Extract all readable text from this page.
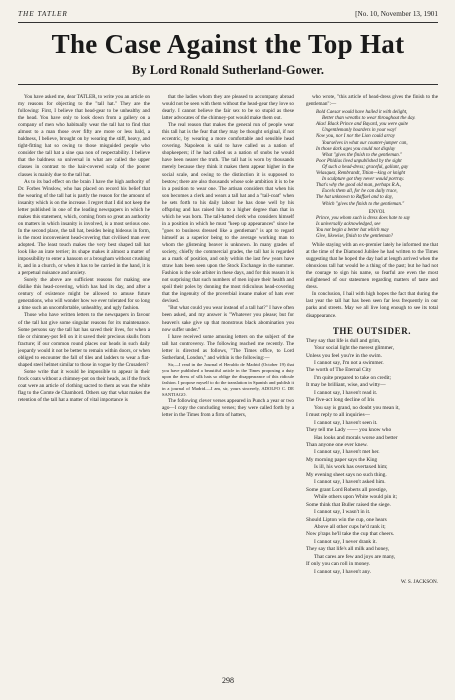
THE TATLER	[No. 10, November 13, 1901
The Case Against the Top Hat
By Lord Ronald Sutherland-Gower.

You have asked me, dear TATLER, to write you an article on my reasons for objecting to the "tall hat." They are the following: First, I believe that head-gear to be unhealthy and the head. You have only to look down from a gallery on a company of men who habitually wear the tall hat to find that almost to a man those over fifty are more or less bald, a baldness, I believe, brought on by wearing the stiff, heavy, and tight-fitting hat so owing to those misguided people who consider the tall hat a sine qua non of respectability. I believe that the baldness so universal in what are called the upper classes in contrast to the hair-covered scalp of the poorer classes is mainly due to the tall hat.

As to its bad effect on the brain I have the high authority of Dr. Forbes Winslow, who has placed on record his belief that the wearing of the tall hat is partly the reason for the amount of insanity which is on the increase. I regret that I did not keep the letter published in one of the leading newspapers in which he makes this statement, which, coming from so great an authority on matters in which insanity is involved, is a most serious one. In the second place, the tall hat, besides being hideous in form, is the most inconvenient head-covering that civilised man ever adopted. The least touch makes the very best shaped tall hat look like an irate terrier; its shape makes it almost a matter of impossibility to enter a hansom or a brougham without crushing it, and in a church, or when it has to be carried in the hand, it is a perpetual nuisance and anxiety.

Surely the above are sufficient reasons for making one dislike this head-covering, which has had its day, and after a century of existence might be allowed to amuse future generations, who will wonder how we ever tolerated for so long a time such an uncomfortable, unhealthy, and ugly fashion.

Those who have written letters to the newspapers in favour of the tall hat give some singular reasons for its maintenance. Some persons say the tall hat has saved their lives, for when a tile or chimney-pot fell on it it saved their precious skulls from fracture; if our common round places our heads in such daily jeopardy would it not be better to remain within doors, or when obliged to encounter the fall of tiles and ladders to wear a flat-shaped steel helmet similar to those in vogue by the Crusaders?

Some write that it would be impossible to appear in their frock coats without a chimney-pot on their heads, as if the frock coat were an article of clothing sacred to them as was the white flag to the Comte de Chambord. Others say that what makes the retention of the tall hat a matter of vital importance is

that the ladies whom they are pleased to accompany abroad would not be seen with them without the head-gear they love so dearly. I cannot believe the fair sex to be so stupid as these latter advocates of the chimney-pot would make them out.

The real reason that makes the general run of people wear this tall hat is the fear that they may be thought original, if not eccentric, by wearing a more comfortable and sensible head covering. Napoleon is said to have called us a nation of shopkeepers; if he had called us a nation of snobs he would have been nearer the truth. The tall hat is worn by thousands merely because they think it makes them appear higher in the social scale, and owing to the distinction it is supposed to bestow; there are also thousands whose sole ambition it is to be in a position to wear one. The artisan considers that when his son becomes a clerk and wears a tall hat and a "tail-coat" when he sets forth to his daily labour he has done well by his offspring and has raised him to a higher degree than that in which he was born. The tall-hatted clerk who considers himself in a position in which he must "keep up appearances" since he "goes to business dressed like a gentleman" is apt to regard himself as a superior being to the average working man to whom the glistening beaver is unknown. In many grades of society, chiefly the commercial grades, the tall hat is regarded as a mark of position, and only within the last few years have straw hats been seen upon the Stock Exchange in the summer. Fashion is the sole arbiter in these days, and for this reason it is not surprising that such numbers of men injure their health and spoil their poles by donning the most ridiculous head-covering that the ingenuity of the proverbial insane maker of hats ever devised.

"But what could you wear instead of a tall hat?" I have often been asked, and my answer is "Whatever you please; but for heaven's sake give up that monstrous black abomination you now suffer under."

I have received some amusing letters on the subject of the tall hat controversy. The following reached me recently. The letter is directed as follows, "The Times office, to Lord Sutherland, London," and within is the following:—

Sir,—I read in the Journal el Heraldo de Madrid (October 19) that you have published a beautiful article in the Times proposing a duty upon the dress of silk hats so oblige the disappearance of this ridicule fashion. I propose myself to do the translation in Spanish and publish it in a journal of Madrid.—I am, sir, yours sincerely, ADOLFO C. DE SANTIAGO.

The following clever verses appeared in Punch a year or two ago—I copy the concluding verses; they were called forth by a letter in the Times from a firm of hatters,

who wrote, "this article of head-dress gives the finish to the gentleman":—

Bold Caesar would have hailed it with delight,
Better than wreaths to wear throughout the day.
Alas! Black Prince and Bayard, you were quite
Ungentlemanly hoarders in your way!
Now you, nor I nor the Lion could array
Yourselves in what our counter-jumper can,
In those dark ages you could not display
What "gives the finish to the gentleman."
Poor Phidias lived unpublished by the sight
Of such a head-dress; graceful, gallant, gay
Velasquez, Rembrandt, Titian—king or knight
In sculpture got they never would portray.
That's why the good old man, perhaps R.A.,
Excels them all, for he can daily trace,
The hat unknown to Raffael and to day,
Which "gives the finish to the gentleman."
ENVOI.
Prince, you whom such is dress does hate to say
Is universally acknowledged, see
You not begin a better hat which may
Give, likewise, finish to the gentleman?

While staying with an ex-premier lately he informed me that at the time of the Diamond Jubilee he had written to the Times suggesting that he hoped the day had at length arrived when the obnoxious tall hat would be a thing of the past; but he had not the courage to sign his name, so fearful are even the most enlightened of our statesmen regarding matters of taste and dress.

In conclusion, I hail with high hopes the fact that during the last year the tall hat has been seen far less frequently in our parks and streets. May we all live long enough to see its total disappearance.

THE OUTSIDER.
They say that life is dull and grim,
Your social light the merest glimmer,
Unless you feel you're in the swim.
I cannot say, I'm not a swimmer.
The worth of The Eternal City
I'm quite prepared to take on credit;
It may be brilliant, wise, and witty—
I cannot say, I haven't read it.
The five-act long decline of Iris
You say is grand, no doubt you mean it,
I must reply to all inquiries—
I cannot say, I haven't seen it.
They tell me Lady —— you know who
Has looks and morals worse and better
Than anyone one ever knew.
I cannot say, I haven't met her.
My morning paper says the King
Is ill, his work has overtaxed him;
My evening sheet says no such thing.
I cannot say, I haven't asked him.
Some grant Lord Roberts all prestige,
While others upon White would pin it;
Some think that Buller raised the siege.
I cannot say, I wasn't in it.
Should Lipton win the cup, one hears
Above all other cups he'd rank it;
Now p'raps he'll take the cup that cheers.
I cannot say, I never drank it.
They say that life's all milk and honey,
That cares are few and joys are many,
If only you can roll in money.
I cannot say, I haven't any.
W. S. JACKSON.
298
